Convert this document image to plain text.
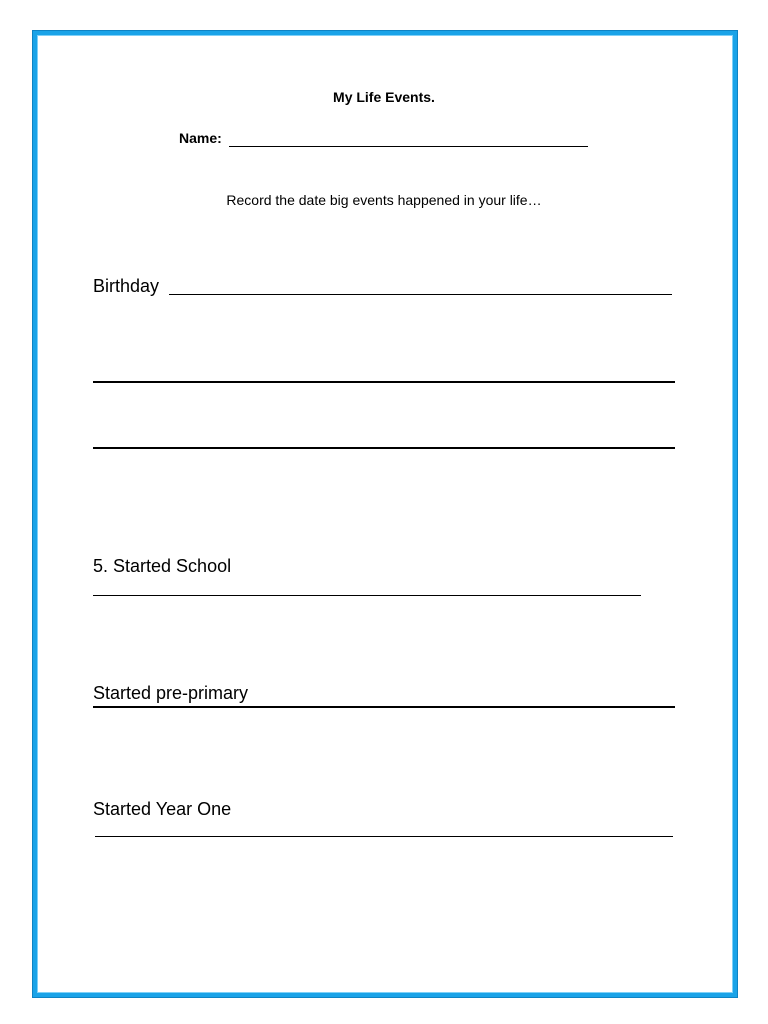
My Life Events.
Name:
Record the date big events happened in your life…
Birthday
5. Started School
Started pre-primary
Started Year One
